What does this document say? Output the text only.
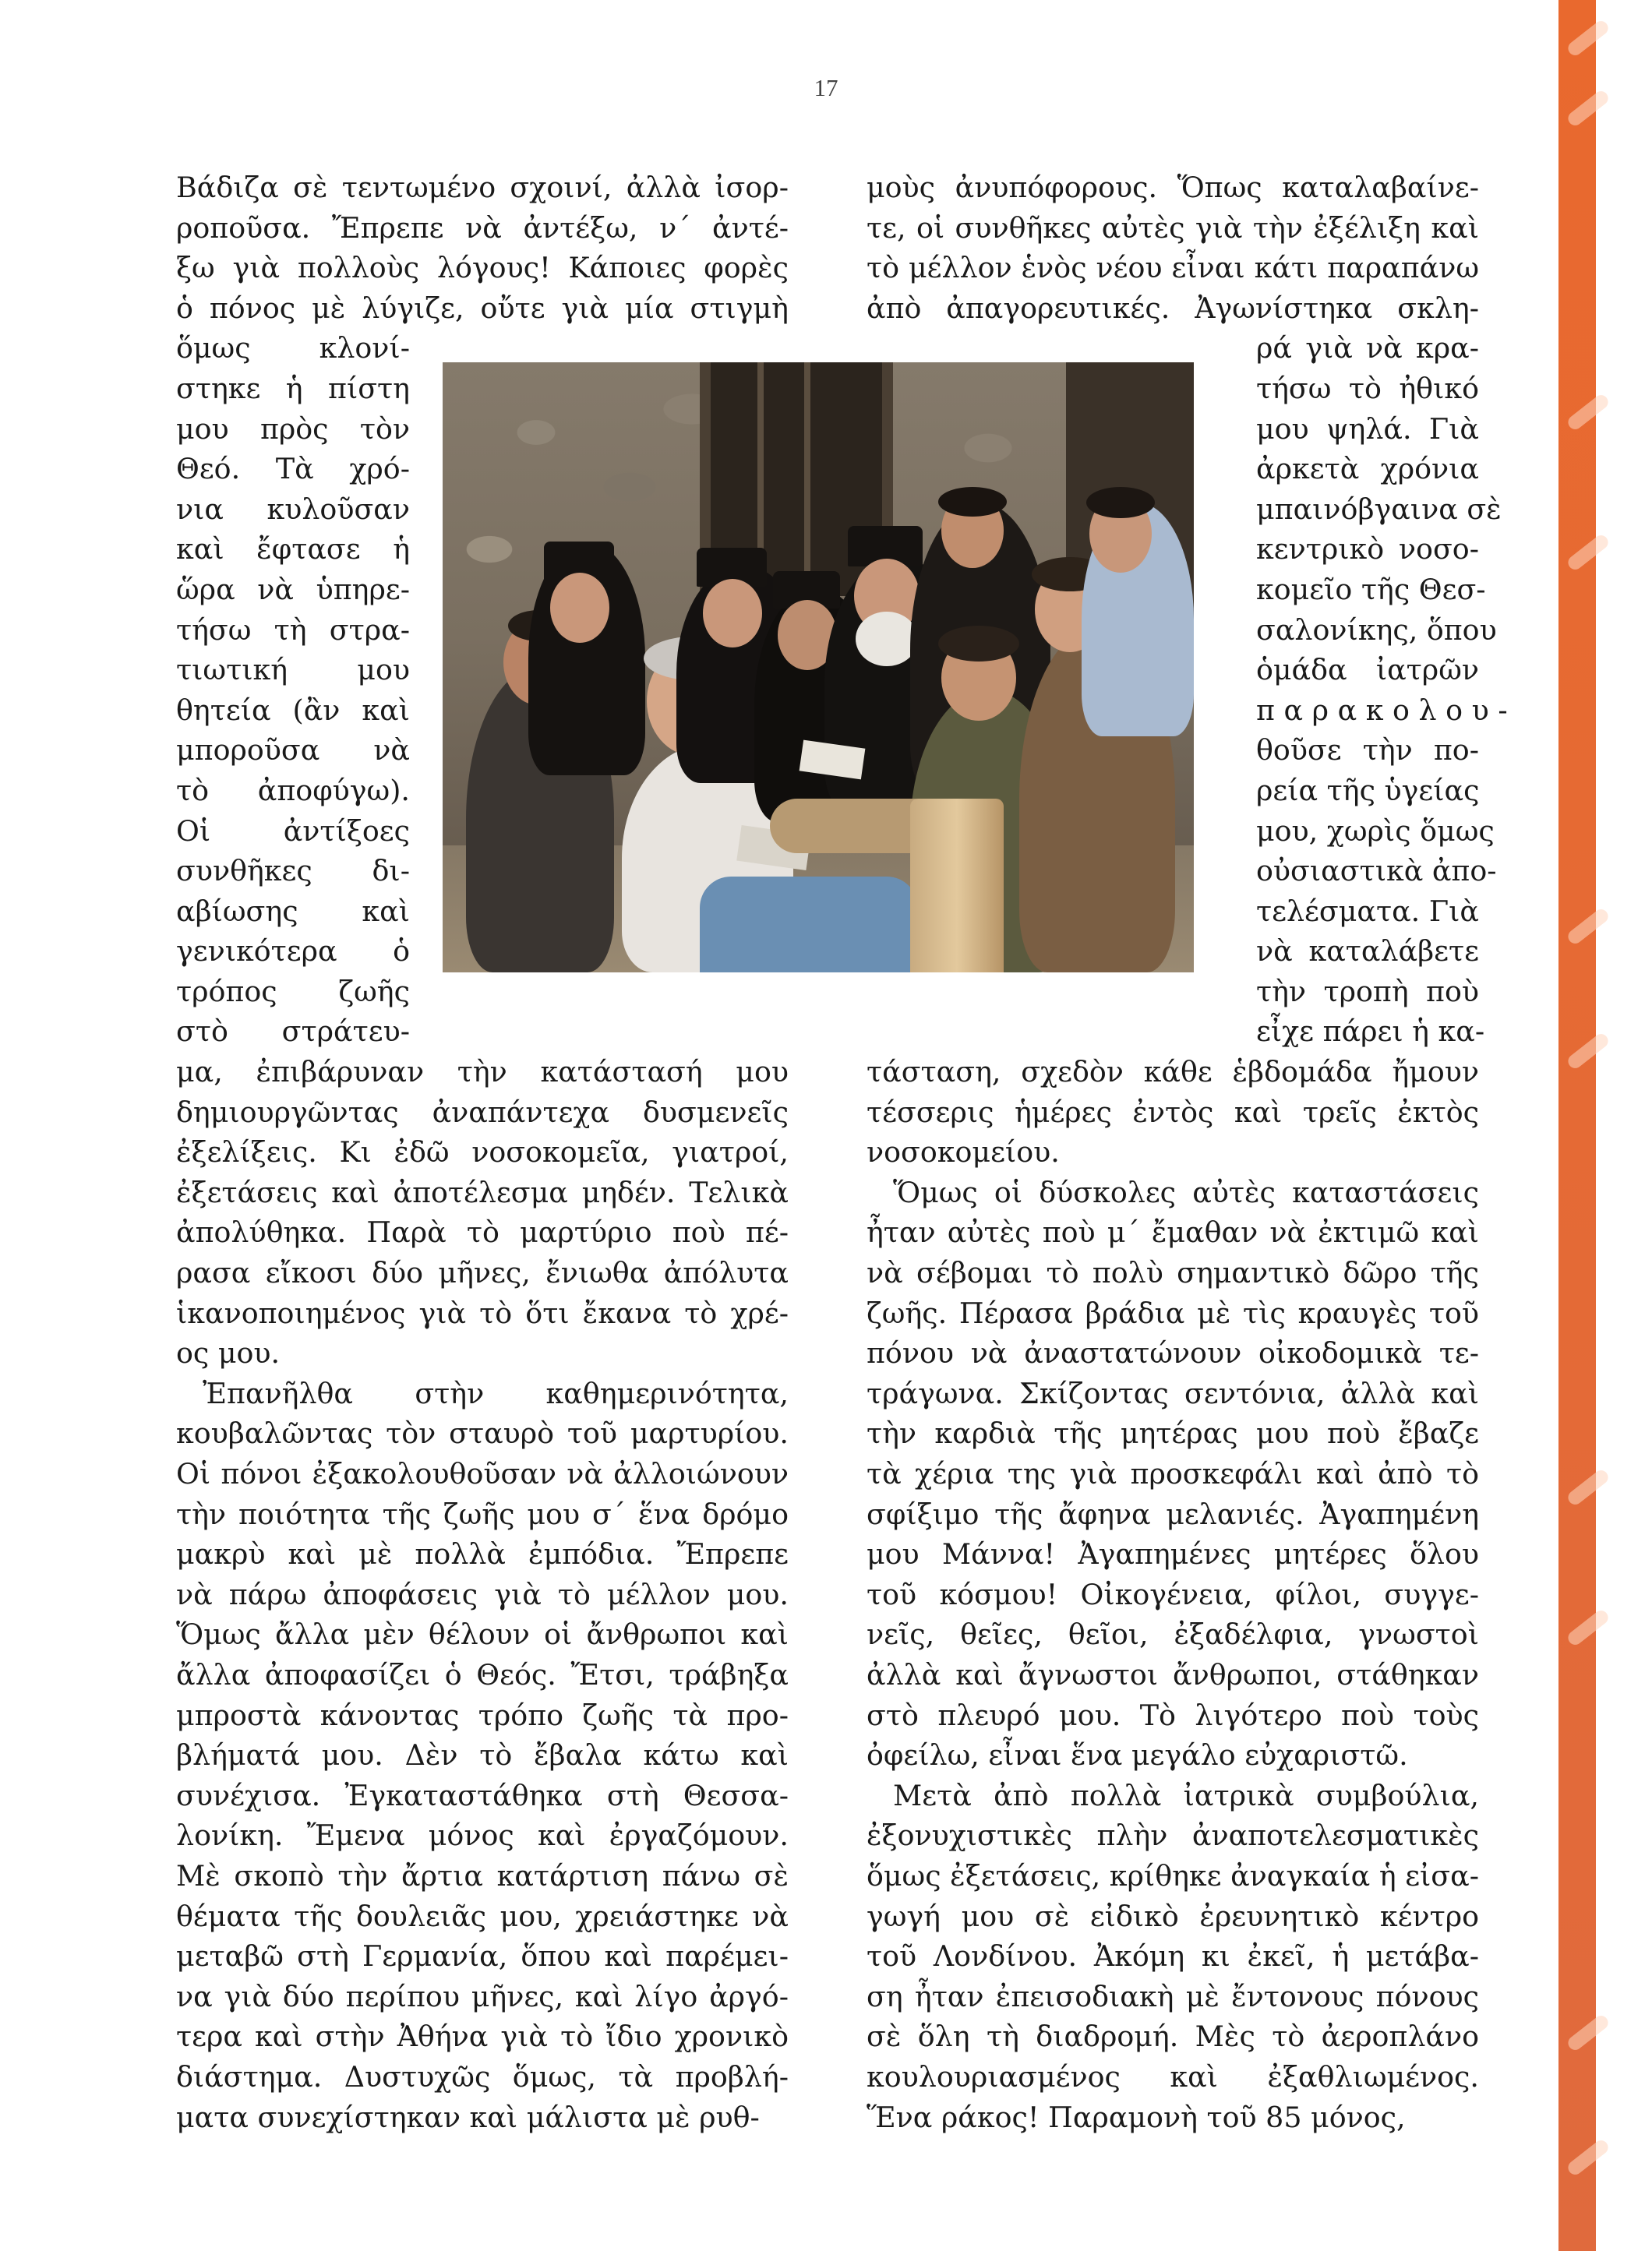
17

Βάδιζα σὲ τεντωμένο σχοινί, ἀλλὰ ἰσορ-

ροποῦσα. Ἔπρεπε νὰ ἀντέξω, ν΄ ἀντέ-

ξω γιὰ πολλοὺς λόγους! Κάποιες φορὲς

ὁ πόνος μὲ λύγιζε, οὔτε γιὰ μία στιγμὴ

ὅμως κλονί-

στηκε ἡ πίστη

μου πρὸς τὸν

Θεό. Τὰ χρό-

νια κυλοῦσαν

καὶ ἔφτασε ἡ

ὥρα νὰ ὑπηρε-

τήσω τὴ στρα-

τιωτική μου

θητεία (ἂν καὶ

μποροῦσα νὰ

τὸ ἀποφύγω).

Οἱ ἀντίξοες

συνθῆκες δι-

αβίωσης καὶ

γενικότερα ὁ

τρόπος ζωῆς

στὸ στράτευ-

μα, ἐπιβάρυναν τὴν κατάστασή μου

δημιουργῶντας ἀναπάντεχα δυσμενεῖς

ἐξελίξεις. Κι ἐδῶ νοσοκομεῖα, γιατροί,

ἐξετάσεις καὶ ἀποτέλεσμα μηδέν. Τελικὰ

ἀπολύθηκα. Παρὰ τὸ μαρτύριο ποὺ πέ-

ρασα εἴκοσι δύο μῆνες, ἔνιωθα ἀπόλυτα

ἱκανοποιημένος γιὰ τὸ ὅτι ἔκανα τὸ χρέ-

ος μου.

Ἐπανῆλθα στὴν καθημερινότητα,

κουβαλῶντας τὸν σταυρὸ τοῦ μαρτυρίου.

Οἱ πόνοι ἐξακολουθοῦσαν νὰ ἀλλοιώνουν

τὴν ποιότητα τῆς ζωῆς μου σ΄ ἕνα δρόμο

μακρὺ καὶ μὲ πολλὰ ἐμπόδια. Ἔπρεπε

νὰ πάρω ἀποφάσεις γιὰ τὸ μέλλον μου.

Ὅμως ἄλλα μὲν θέλουν οἱ ἄνθρωποι καὶ

ἄλλα ἀποφασίζει ὁ Θεός. Ἔτσι, τράβηξα

μπροστὰ κάνοντας τρόπο ζωῆς τὰ προ-

βλήματά μου. Δὲν τὸ ἔβαλα κάτω καὶ

συνέχισα. Ἐγκαταστάθηκα στὴ Θεσσα-

λονίκη. Ἔμενα μόνος καὶ ἐργαζόμουν.

Μὲ σκοπὸ τὴν ἄρτια κατάρτιση πάνω σὲ

θέματα τῆς δουλειᾶς μου, χρειάστηκε νὰ

μεταβῶ στὴ Γερμανία, ὅπου καὶ παρέμει-

να γιὰ δύο περίπου μῆνες, καὶ λίγο ἀργό-

τερα καὶ στὴν Ἀθήνα γιὰ τὸ ἴδιο χρονικὸ

διάστημα. Δυστυχῶς ὅμως, τὰ προβλή-

ματα συνεχίστηκαν καὶ μάλιστα μὲ ρυθ-

μοὺς ἀνυπόφορους. Ὅπως καταλαβαίνε-

τε, οἱ συνθῆκες αὐτὲς γιὰ τὴν ἐξέλιξη καὶ

τὸ μέλλον ἑνὸς νέου εἶναι κάτι παραπάνω

ἀπὸ ἀπαγορευτικές. Ἀγωνίστηκα σκλη-

ρά γιὰ νὰ κρα-

τήσω τὸ ἠθικό

μου ψηλά. Γιὰ

ἀρκετὰ χρόνια

μπαινόβγαινα σὲ

κεντρικὸ νοσο-

κομεῖο τῆς Θεσ-

σαλονίκης, ὅπου

ὁμάδα ἰατρῶν

π α ρ α κ ο λ ο υ -

θοῦσε τὴν πο-

ρεία τῆς ὑγείας

μου, χωρὶς ὅμως

οὐσιαστικὰ ἀπο-

τελέσματα. Γιὰ

νὰ καταλάβετε

τὴν τροπὴ ποὺ

εἶχε πάρει ἡ κα-

τάσταση, σχεδὸν κάθε ἑβδομάδα ἤμουν

τέσσερις ἡμέρες ἐντὸς καὶ τρεῖς ἐκτὸς

νοσοκομείου.

Ὅμως οἱ δύσκολες αὐτὲς καταστάσεις

ἦταν αὐτὲς ποὺ μ΄ ἔμαθαν νὰ ἐκτιμῶ καὶ

νὰ σέβομαι τὸ πολὺ σημαντικὸ δῶρο τῆς

ζωῆς. Πέρασα βράδια μὲ τὶς κραυγὲς τοῦ

πόνου νὰ ἀναστατώνουν οἰκοδομικὰ τε-

τράγωνα. Σκίζοντας σεντόνια, ἀλλὰ καὶ

τὴν καρδιὰ τῆς μητέρας μου ποὺ ἔβαζε

τὰ χέρια της γιὰ προσκεφάλι καὶ ἀπὸ τὸ

σφίξιμο τῆς ἄφηνα μελανιές. Ἀγαπημένη

μου Μάννα! Ἀγαπημένες μητέρες ὅλου

τοῦ κόσμου! Οἰκογένεια, φίλοι, συγγε-

νεῖς, θεῖες, θεῖοι, ἐξαδέλφια, γνωστοὶ

ἀλλὰ καὶ ἄγνωστοι ἄνθρωποι, στάθηκαν

στὸ πλευρό μου. Τὸ λιγότερο ποὺ τοὺς

ὀφείλω, εἶναι ἕνα μεγάλο εὐχαριστῶ.

Μετὰ ἀπὸ πολλὰ ἰατρικὰ συμβούλια,

ἐξονυχιστικὲς πλὴν ἀναποτελεσματικὲς

ὅμως ἐξετάσεις, κρίθηκε ἀναγκαία ἡ εἰσα-

γωγή μου σὲ εἰδικὸ ἐρευνητικὸ κέντρο

τοῦ Λονδίνου. Ἀκόμη κι ἐκεῖ, ἡ μετάβα-

ση ἦταν ἐπεισοδιακὴ μὲ ἔντονους πόνους

σὲ ὅλη τὴ διαδρομή. Μὲς τὸ ἀεροπλάνο

κουλουριασμένος καὶ ἐξαθλιωμένος.

Ἕνα ράκος! Παραμονὴ τοῦ 85 μόνος,
